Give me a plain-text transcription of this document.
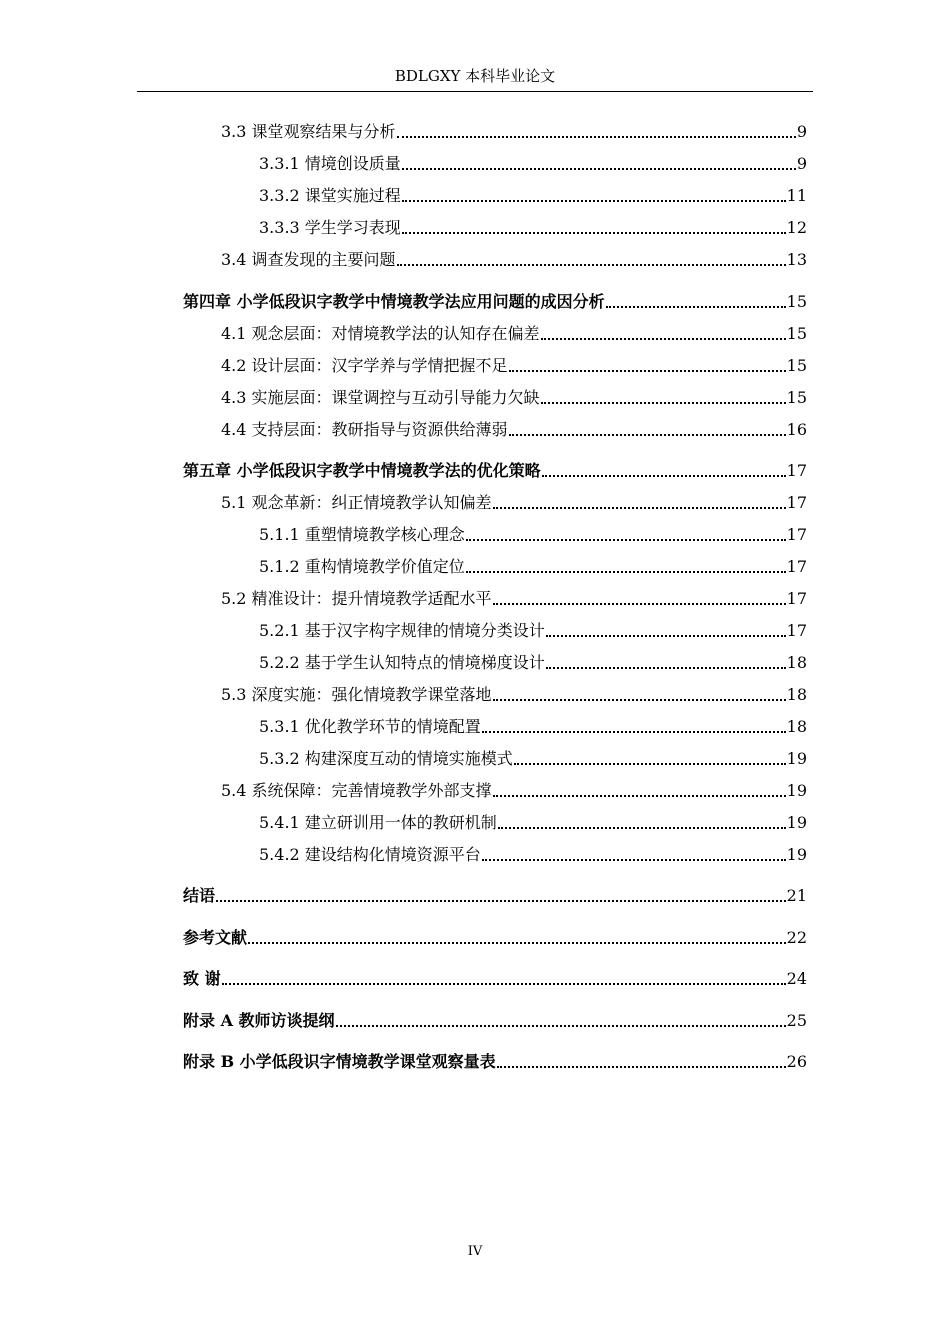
BDLGXY 本科毕业论文
3.3 课堂观察结果与分析	9
3.3.1 情境创设质量	9
3.3.2 课堂实施过程	11
3.3.3 学生学习表现	12
3.4 调查发现的主要问题	13
第四章 小学低段识字教学中情境教学法应用问题的成因分析	15
4.1 观念层面：对情境教学法的认知存在偏差	15
4.2 设计层面：汉字学养与学情把握不足	15
4.3 实施层面：课堂调控与互动引导能力欠缺	15
4.4 支持层面：教研指导与资源供给薄弱	16
第五章 小学低段识字教学中情境教学法的优化策略	17
5.1 观念革新：纠正情境教学认知偏差	17
5.1.1 重塑情境教学核心理念	17
5.1.2 重构情境教学价值定位	17
5.2 精准设计：提升情境教学适配水平	17
5.2.1 基于汉字构字规律的情境分类设计	17
5.2.2 基于学生认知特点的情境梯度设计	18
5.3 深度实施：强化情境教学课堂落地	18
5.3.1 优化教学环节的情境配置	18
5.3.2 构建深度互动的情境实施模式	19
5.4 系统保障：完善情境教学外部支撑	19
5.4.1 建立研训用一体的教研机制	19
5.4.2 建设结构化情境资源平台	19
结语	21
参考文献	22
致 谢	24
附录 A 教师访谈提纲	25
附录 B 小学低段识字情境教学课堂观察量表	26
IV
